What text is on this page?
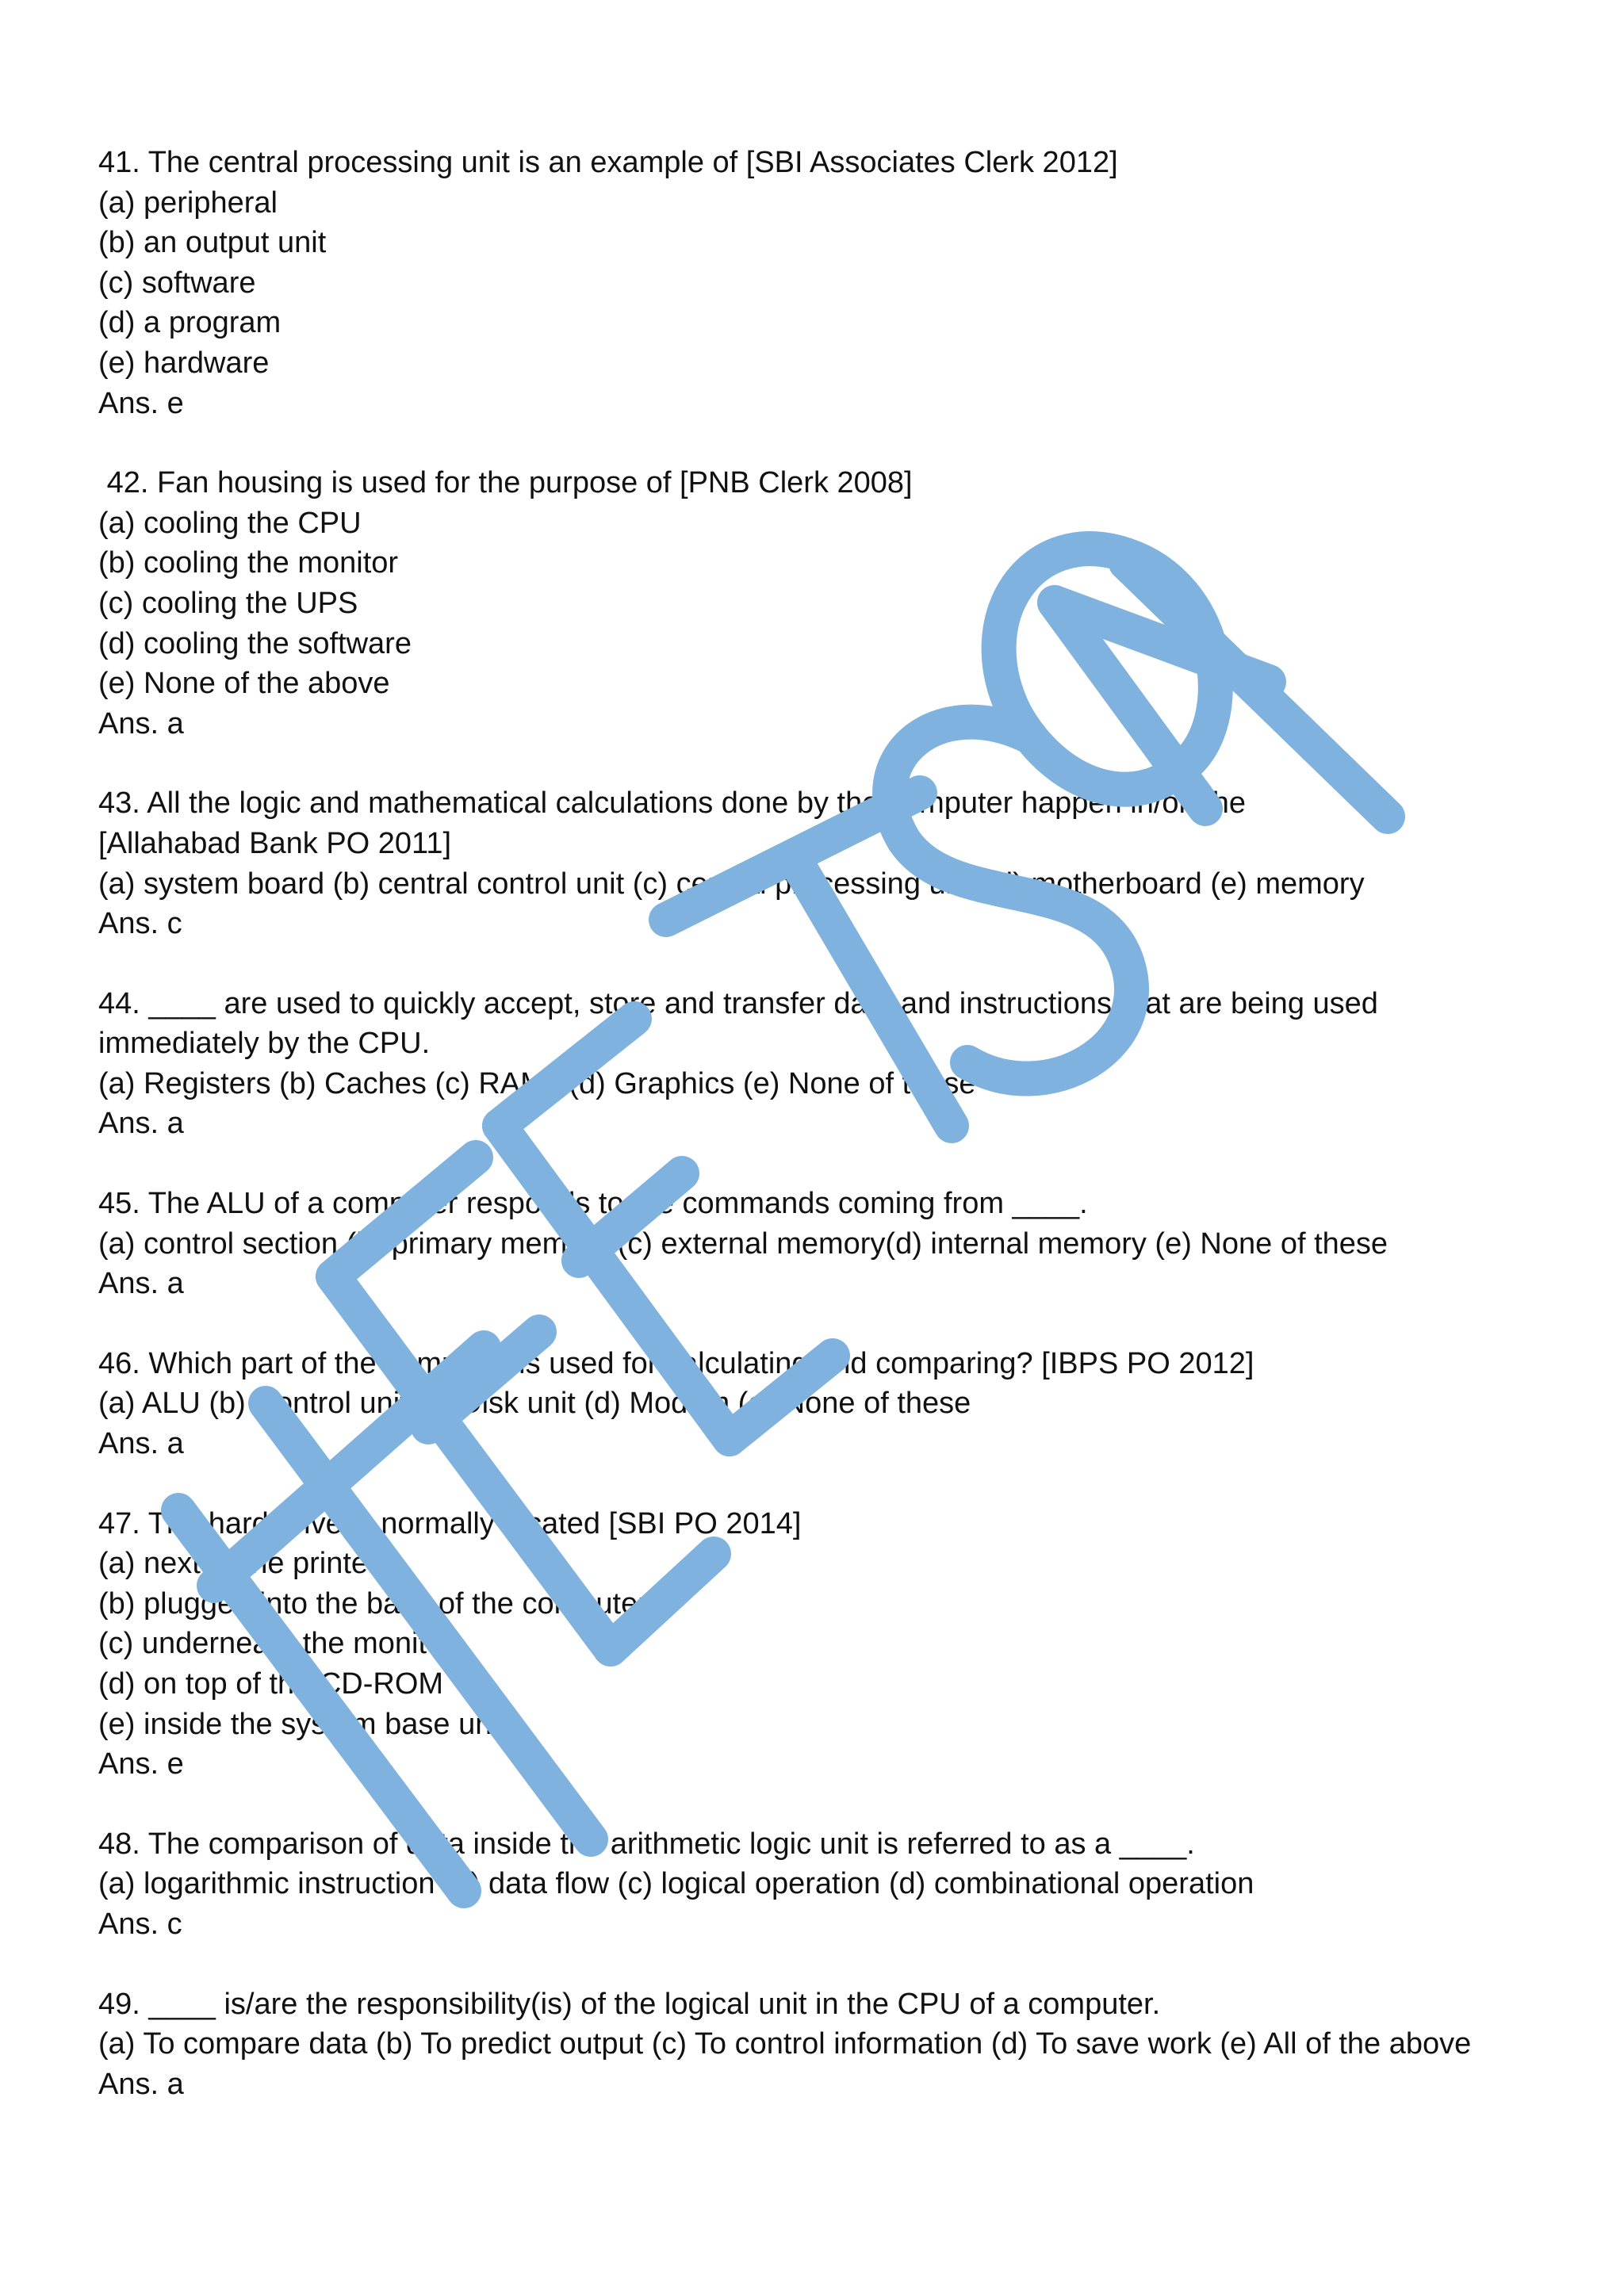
41. The central processing unit is an example of [SBI Associates Clerk 2012]
(a) peripheral
(b) an output unit
(c) software
(d) a program
(e) hardware
Ans. e
42. Fan housing is used for the purpose of [PNB Clerk 2008]
(a) cooling the CPU
(b) cooling the monitor
(c) cooling the UPS
(d) cooling the software
(e) None of the above
Ans. a
43. All the logic and mathematical calculations done by the computer happen in/on the
[Allahabad Bank PO 2011]
(a) system board (b) central control unit (c) central processing unit (d) motherboard (e) memory
Ans. c
44. ____ are used to quickly accept, store and transfer data and instructions that are being used
immediately by the CPU.
(a) Registers (b) Caches (c) RAMs (d) Graphics (e) None of these
Ans. a
45. The ALU of a computer responds to the commands coming from ____.
(a) control section (b) primary memory (c) external memory(d) internal memory (e) None of these
Ans. a
46. Which part of the computer is used for calculating and comparing? [IBPS PO 2012]
(a) ALU (b) Control unit (c) Disk unit (d) Modem (e) None of these
Ans. a
47. The hard drive is normally located [SBI PO 2014]
(a) next to the printer
(b) plugged into the back of the computer
(c) underneath the monitor
(d) on top of the CD-ROM
(e) inside the system base unit
Ans. e
48. The comparison of data inside the arithmetic logic unit is referred to as a ____.
(a) logarithmic instruction (b) data flow (c) logical operation (d) combinational operation
Ans. c
49. ____ is/are the responsibility(is) of the logical unit in the CPU of a computer.
(a) To compare data (b) To predict output (c) To control information (d) To save work (e) All of the above
Ans. a
